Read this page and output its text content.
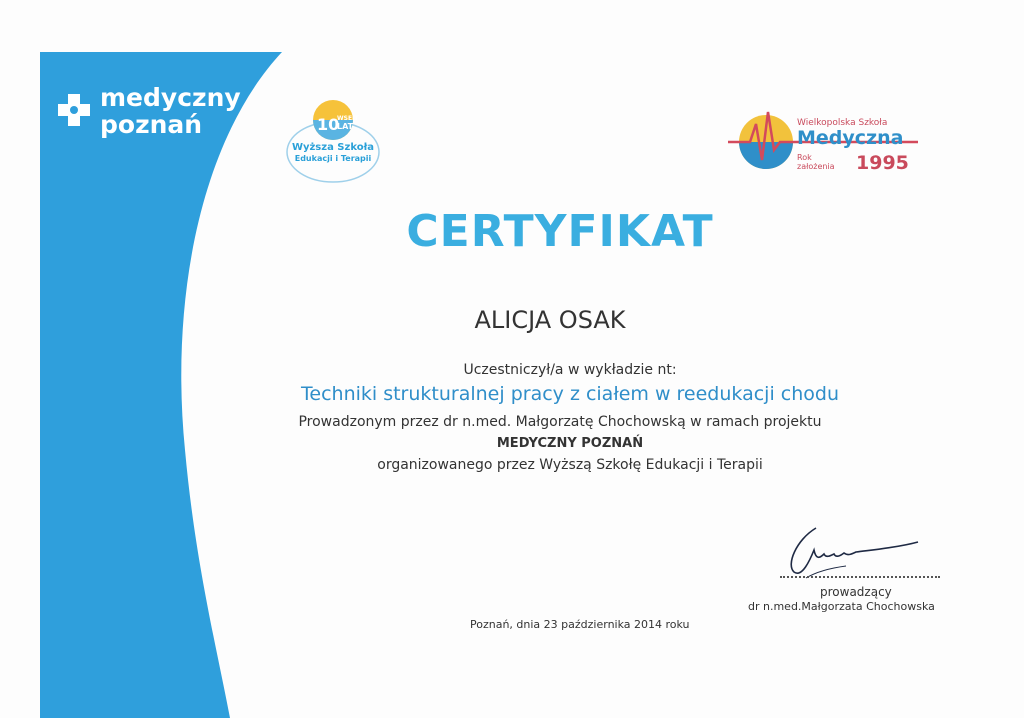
medyczny
poznań	10
WSEIT
LAT
Wyższa Szkoła
Edukacji i Terapii
Wielkopolska Szkoła
Medyczna
Rok
założenia 1995
CERTYFIKAT
ALICJA OSAK
Uczestniczył/a w wykładzie nt:
Techniki strukturalnej pracy z ciałem w reedukacji chodu
Prowadzonym przez dr n.med. Małgorzatę Chochowską w ramach projektu
MEDYCZNY POZNAŃ
organizowanego przez Wyższą Szkołę Edukacji i Terapii
prowadzący
dr n.med.Małgorzata Chochowska
Poznań, dnia 23 października 2014 roku
